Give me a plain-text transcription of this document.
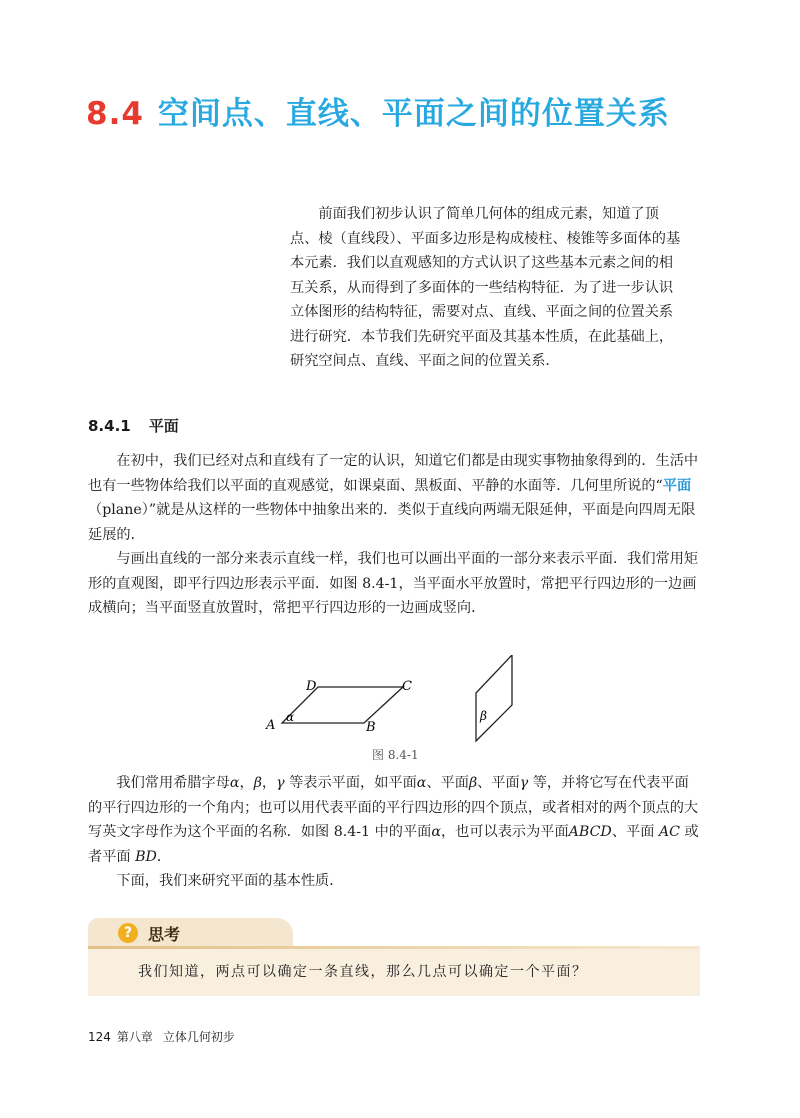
8.4 空间点、直线、平面之间的位置关系

前面我们初步认识了简单几何体的组成元素，知道了顶点、棱（直线段）、平面多边形是构成棱柱、棱锥等多面体的基本元素．我们以直观感知的方式认识了这些基本元素之间的相互关系，从而得到了多面体的一些结构特征．为了进一步认识立体图形的结构特征，需要对点、直线、平面之间的位置关系进行研究．本节我们先研究平面及其基本性质，在此基础上，研究空间点、直线、平面之间的位置关系．

8.4.1 平面

在初中，我们已经对点和直线有了一定的认识，知道它们都是由现实事物抽象得到的．生活中也有一些物体给我们以平面的直观感觉，如课桌面、黑板面、平静的水面等．几何里所说的“平面（plane）”就是从这样的一些物体中抽象出来的．类似于直线向两端无限延伸，平面是向四周无限延展的．

与画出直线的一部分来表示直线一样，我们也可以画出平面的一部分来表示平面．我们常用矩形的直观图，即平行四边形表示平面．如图 8.4-1，当平面水平放置时，常把平行四边形的一边画成横向；当平面竖直放置时，常把平行四边形的一边画成竖向．

A	B
C
D
α	β
图 8.4-1

我们常用希腊字母α，β，γ 等表示平面，如平面α、平面β、平面γ 等，并将它写在代表平面的平行四边形的一个角内；也可以用代表平面的平行四边形的四个顶点，或者相对的两个顶点的大写英文字母作为这个平面的名称．如图 8.4-1 中的平面α，也可以表示为平面ABCD、平面 AC 或者平面 BD．

下面，我们来研究平面的基本性质．

? 思考
我们知道，两点可以确定一条直线，那么几点可以确定一个平面？
124 第八章 立体几何初步
